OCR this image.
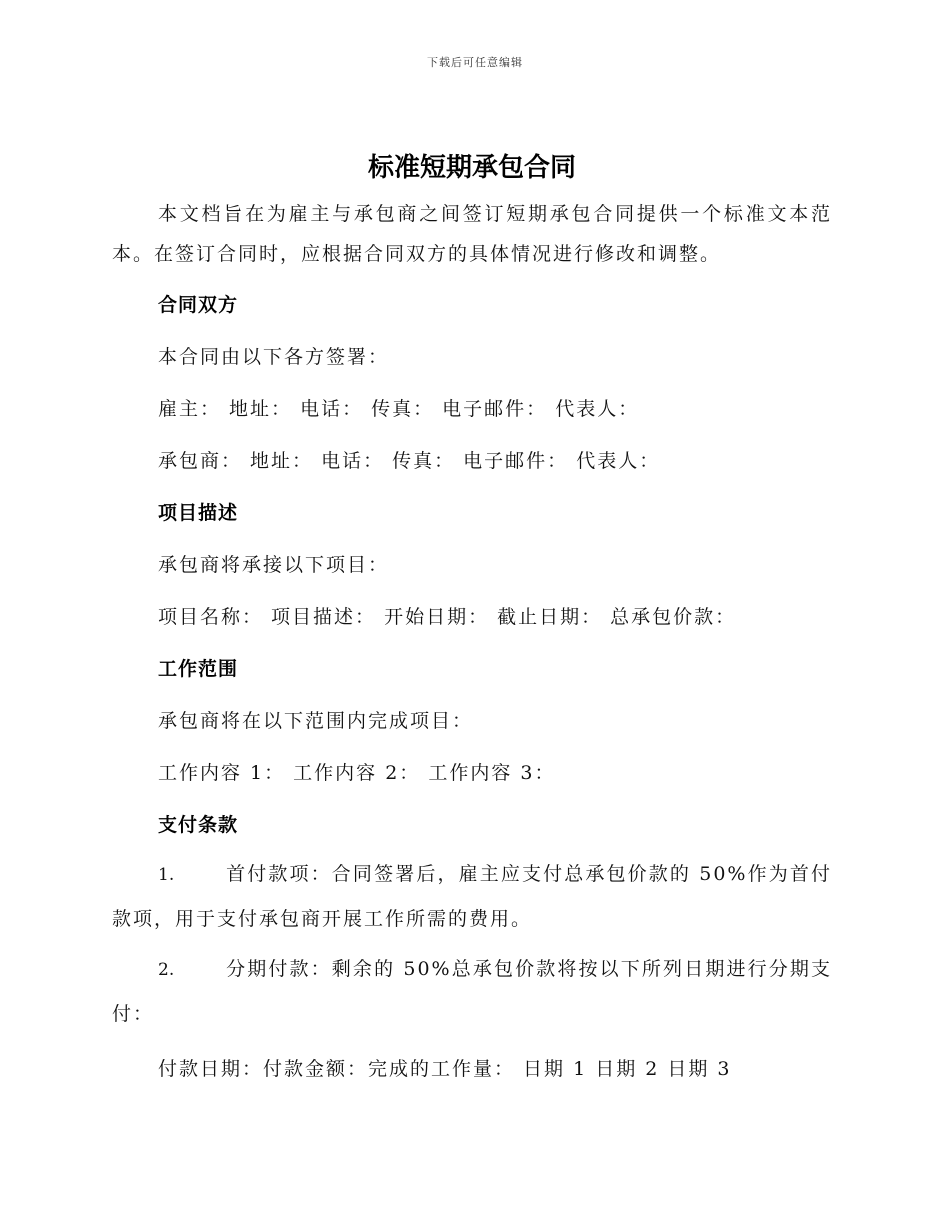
下载后可任意编辑
标准短期承包合同

本文档旨在为雇主与承包商之间签订短期承包合同提供一个标准文本范本。在签订合同时，应根据合同双方的具体情况进行修改和调整。

合同双方

本合同由以下各方签署：

雇主： 地址： 电话： 传真： 电子邮件： 代表人：

承包商： 地址： 电话： 传真： 电子邮件： 代表人：

项目描述

承包商将承接以下项目：

项目名称： 项目描述： 开始日期： 截止日期： 总承包价款：

工作范围

承包商将在以下范围内完成项目：

工作内容 1： 工作内容 2： 工作内容 3：

支付条款

1.	首付款项：合同签署后，雇主应支付总承包价款的 50%作为首付款项，用于支付承包商开展工作所需的费用。

2.	分期付款：剩余的 50%总承包价款将按以下所列日期进行分期支付：

付款日期：付款金额：完成的工作量： 日期 1 日期 2 日期 3
